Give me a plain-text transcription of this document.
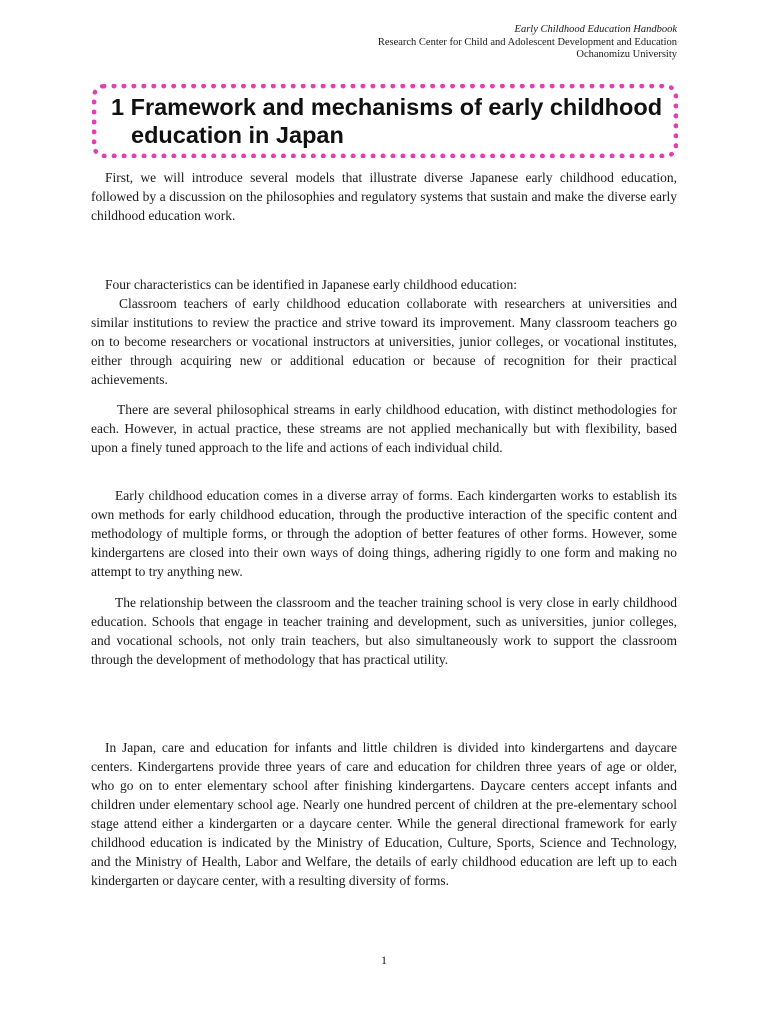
Early Childhood Education Handbook
Research Center for Child and Adolescent Development and Education
Ochanomizu University
1 Framework and mechanisms of early childhood education in Japan

First, we will introduce several models that illustrate diverse Japanese early childhood education, followed by a discussion on the philosophies and regulatory systems that sustain and make the diverse early childhood education work.

Four characteristics can be identified in Japanese early childhood education:

Classroom teachers of early childhood education collaborate with researchers at universities and similar institutions to review the practice and strive toward its improvement. Many classroom teachers go on to become researchers or vocational instructors at universities, junior colleges, or vocational institutes, either through acquiring new or additional education or because of recognition for their practical achievements.

There are several philosophical streams in early childhood education, with distinct methodologies for each. However, in actual practice, these streams are not applied mechanically but with flexibility, based upon a finely tuned approach to the life and actions of each individual child.

Early childhood education comes in a diverse array of forms. Each kindergarten works to establish its own methods for early childhood education, through the productive interaction of the specific content and methodology of multiple forms, or through the adoption of better features of other forms. However, some kindergartens are closed into their own ways of doing things, adhering rigidly to one form and making no attempt to try anything new.

The relationship between the classroom and the teacher training school is very close in early childhood education. Schools that engage in teacher training and development, such as universities, junior colleges, and vocational schools, not only train teachers, but also simultaneously work to support the classroom through the development of methodology that has practical utility.

In Japan, care and education for infants and little children is divided into kindergartens and daycare centers. Kindergartens provide three years of care and education for children three years of age or older, who go on to enter elementary school after finishing kindergartens. Daycare centers accept infants and children under elementary school age. Nearly one hundred percent of children at the pre-elementary school stage attend either a kindergarten or a daycare center. While the general directional framework for early childhood education is indicated by the Ministry of Education, Culture, Sports, Science and Technology, and the Ministry of Health, Labor and Welfare, the details of early childhood education are left up to each kindergarten or daycare center, with a resulting diversity of forms.

1
